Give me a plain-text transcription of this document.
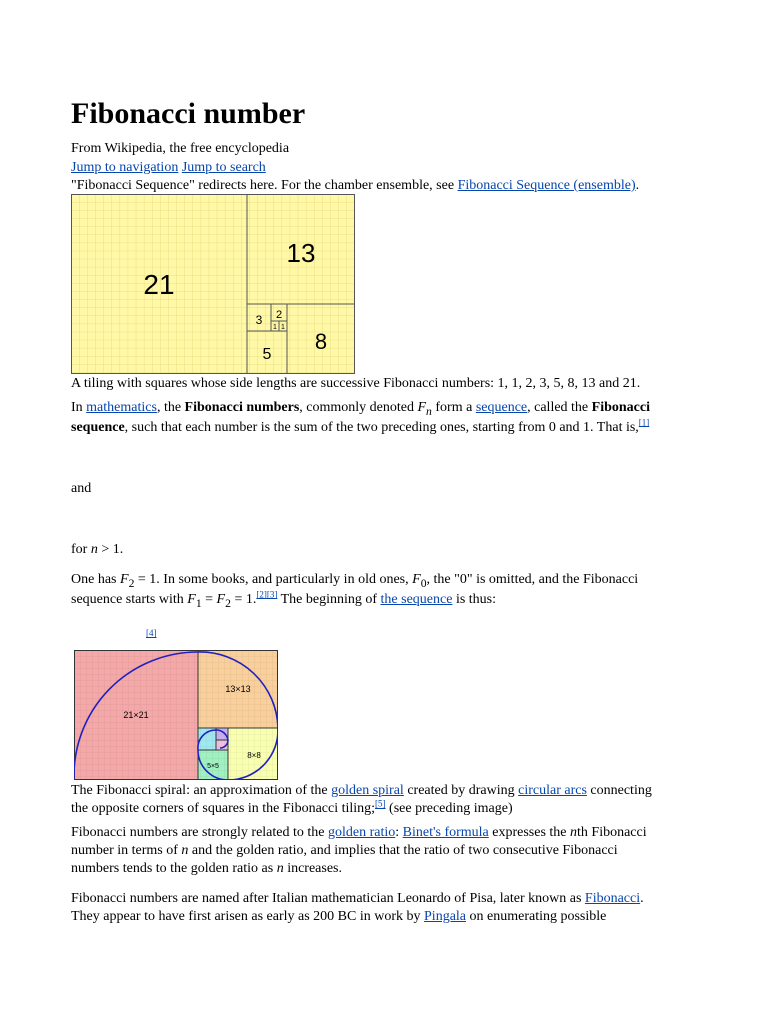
Fibonacci number
From Wikipedia, the free encyclopedia
Jump to navigation Jump to search
"Fibonacci Sequence" redirects here. For the chamber ensemble, see Fibonacci Sequence (ensemble).
21
13
8
5
3 2
1 1
A tiling with squares whose side lengths are successive Fibonacci numbers: 1, 1, 2, 3, 5, 8, 13 and 21.
In mathematics, the Fibonacci numbers, commonly denoted $F_n$ form a sequence, called the Fibonacci sequence, such that each number is the sum of the two preceding ones, starting from 0 and 1. That is,[1]
and
for n > 1.
One has $F_2 = 1$. In some books, and particularly in old ones, $F_0$, the "0" is omitted, and the Fibonacci
sequence starts with $F_1 = F_2 = 1.[2][3]$ The beginning of the sequence is thus:
[4]
21×21
13×13
8×8
5×5
The Fibonacci spiral: an approximation of the golden spiral created by drawing circular arcs connecting
the opposite corners of squares in the Fibonacci tiling;[5] (see preceding image)
Fibonacci numbers are strongly related to the golden ratio: Binet's formula expresses the nth Fibonacci
number in terms of n and the golden ratio, and implies that the ratio of two consecutive Fibonacci
numbers tends to the golden ratio as n increases.
Fibonacci numbers are named after Italian mathematician Leonardo of Pisa, later known as Fibonacci.
They appear to have first arisen as early as 200 BC in work by Pingala on enumerating possible
